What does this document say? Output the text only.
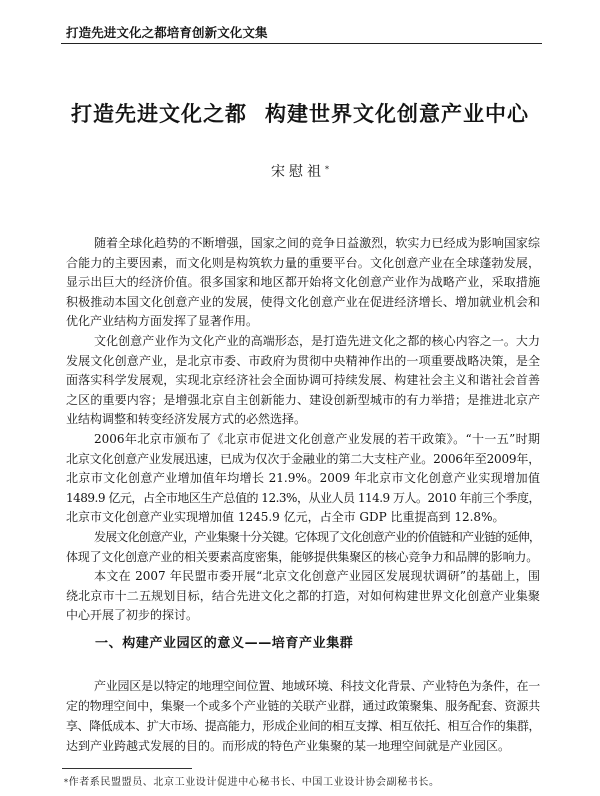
打造先进文化之都培育创新文化文集
打造先进文化之都 构建世界文化创意产业中心
宋慰祖*
随着全球化趋势的不断增强，国家之间的竞争日益激烈，软实力已经成为影响国家综
合能力的主要因素，而文化则是构筑软力量的重要平台。文化创意产业在全球蓬勃发展，
显示出巨大的经济价值。很多国家和地区都开始将文化创意产业作为战略产业，采取措施
积极推动本国文化创意产业的发展，使得文化创意产业在促进经济增长、增加就业机会和
优化产业结构方面发挥了显著作用。
文化创意产业作为文化产业的高端形态，是打造先进文化之都的核心内容之一。大力
发展文化创意产业，是北京市委、市政府为贯彻中央精神作出的一项重要战略决策，是全
面落实科学发展观，实现北京经济社会全面协调可持续发展、构建社会主义和谐社会首善
之区的重要内容；是增强北京自主创新能力、建设创新型城市的有力举措；是推进北京产
业结构调整和转变经济发展方式的必然选择。
2006年北京市颁布了《北京市促进文化创意产业发展的若干政策》。“十一五”时期
北京文化创意产业发展迅速，已成为仅次于金融业的第二大支柱产业。2006年至2009年，
北京市文化创意产业增加值年均增长 21.9%。2009 年北京市文化创意产业实现增加值
1489.9 亿元，占全市地区生产总值的 12.3%，从业人员 114.9 万人。2010 年前三个季度，
北京市文化创意产业实现增加值 1245.9 亿元，占全市 GDP 比重提高到 12.8%。
发展文化创意产业，产业集聚十分关键。它体现了文化创意产业的价值链和产业链的延伸，
体现了文化创意产业的相关要素高度密集，能够提供集聚区的核心竞争力和品牌的影响力。
本文在 2007 年民盟市委开展“北京文化创意产业园区发展现状调研”的基础上，围
绕北京市十二五规划目标，结合先进文化之都的打造，对如何构建世界文化创意产业集聚
中心开展了初步的探讨。
一、构建产业园区的意义——培育产业集群
产业园区是以特定的地理空间位置、地域环境、科技文化背景、产业特色为条件，在一
定的物理空间中，集聚一个或多个产业链的关联产业群，通过政策聚集、服务配套、资源共
享、降低成本、扩大市场、提高能力，形成企业间的相互支撑、相互依托、相互合作的集群，
达到产业跨越式发展的目的。而形成的特色产业集聚的某一地理空间就是产业园区。
*作者系民盟盟员、北京工业设计促进中心秘书长、中国工业设计协会副秘书长。
